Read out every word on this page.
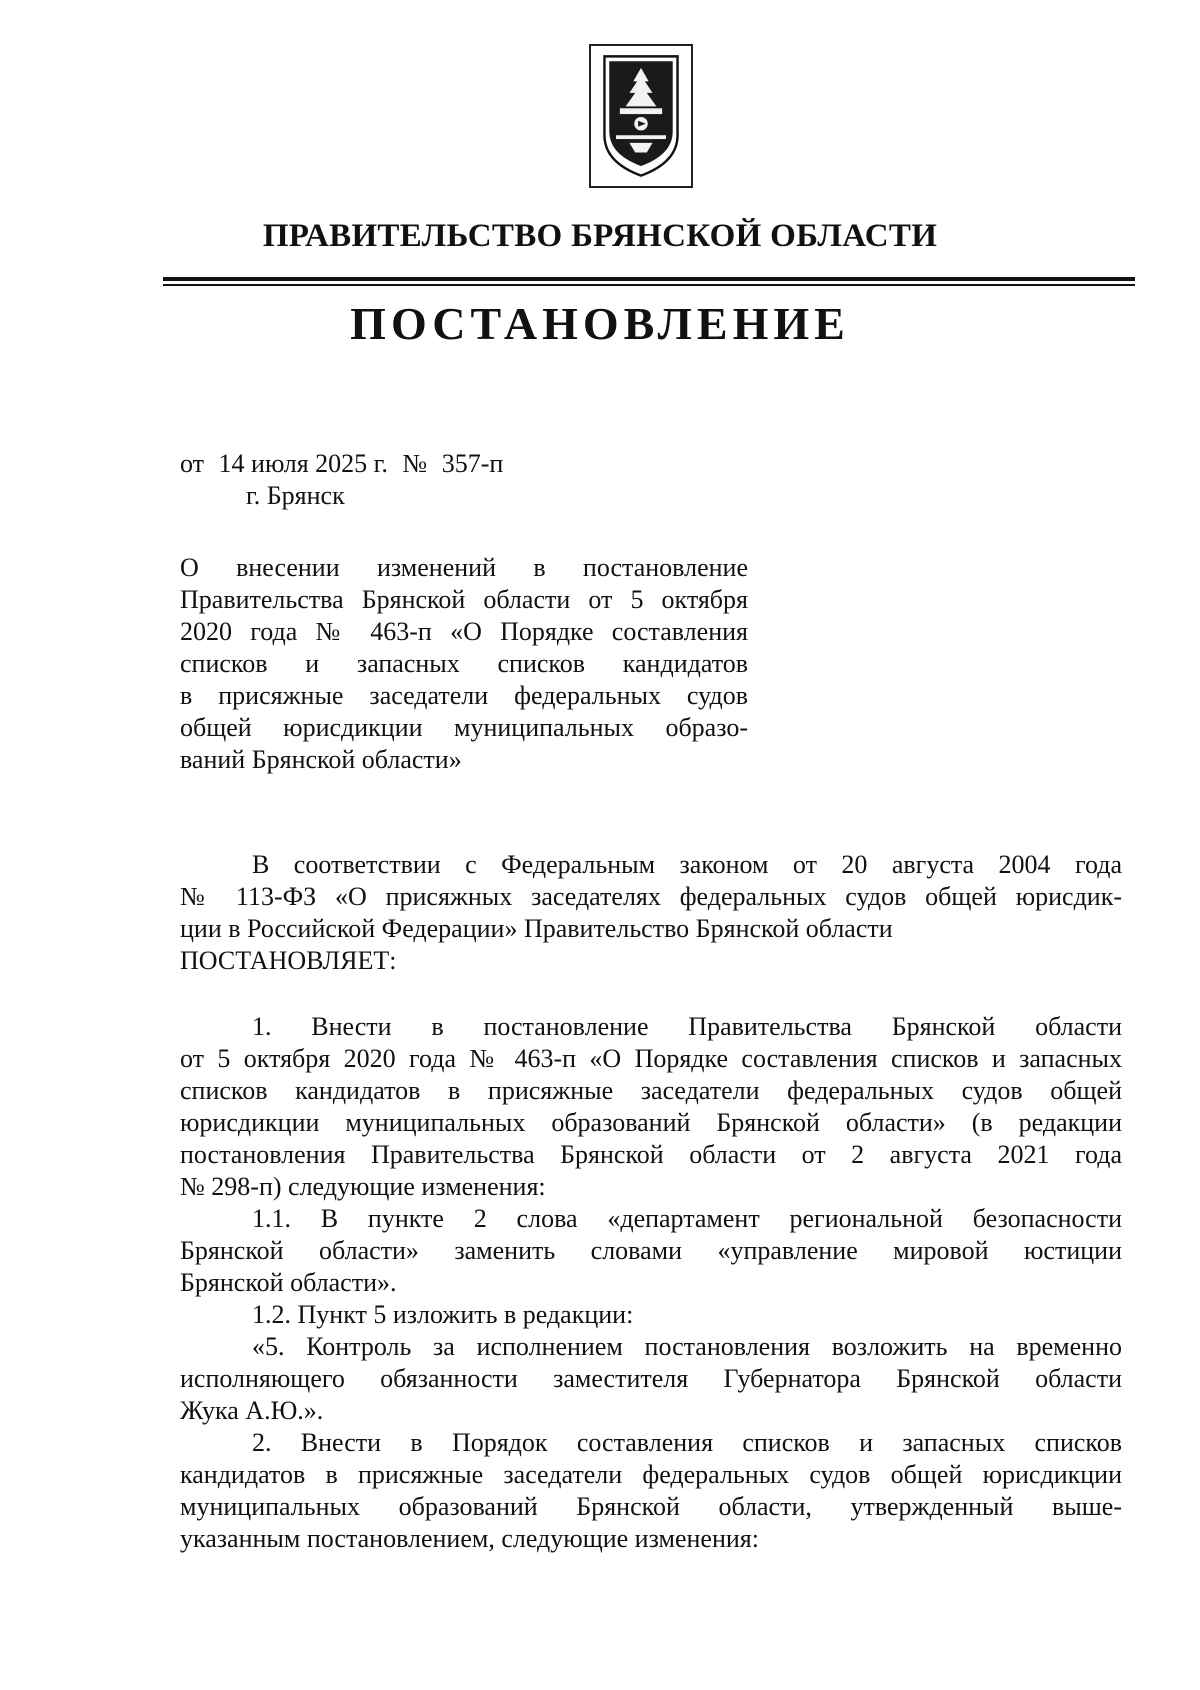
ПРАВИТЕЛЬСТВО БРЯНСКОЙ ОБЛАСТИ
ПОСТАНОВЛЕНИЕ
от 14 июля 2025 г. № 357-п
г. Брянск
О внесении изменений в постановление
Правительства Брянской области от 5 октября
2020 года № 463-п «О Порядке составления
списков и запасных списков кандидатов
в присяжные заседатели федеральных судов
общей юрисдикции муниципальных образо-
ваний Брянской области»
В соответствии с Федеральным законом от 20 августа 2004 года
№ 113-ФЗ «О присяжных заседателях федеральных судов общей юрисдик-
ции в Российской Федерации» Правительство Брянской области
ПОСТАНОВЛЯЕТ:
1. Внести в постановление Правительства Брянской области
от 5 октября 2020 года № 463-п «О Порядке составления списков и запасных
списков кандидатов в присяжные заседатели федеральных судов общей
юрисдикции муниципальных образований Брянской области» (в редакции
постановления Правительства Брянской области от 2 августа 2021 года
№ 298-п) следующие изменения:
1.1. В пункте 2 слова «департамент региональной безопасности
Брянской области» заменить словами «управление мировой юстиции
Брянской области».
1.2. Пункт 5 изложить в редакции:
«5. Контроль за исполнением постановления возложить на временно
исполняющего обязанности заместителя Губернатора Брянской области
Жука А.Ю.».
2. Внести в Порядок составления списков и запасных списков
кандидатов в присяжные заседатели федеральных судов общей юрисдикции
муниципальных образований Брянской области, утвержденный выше-
указанным постановлением, следующие изменения:
